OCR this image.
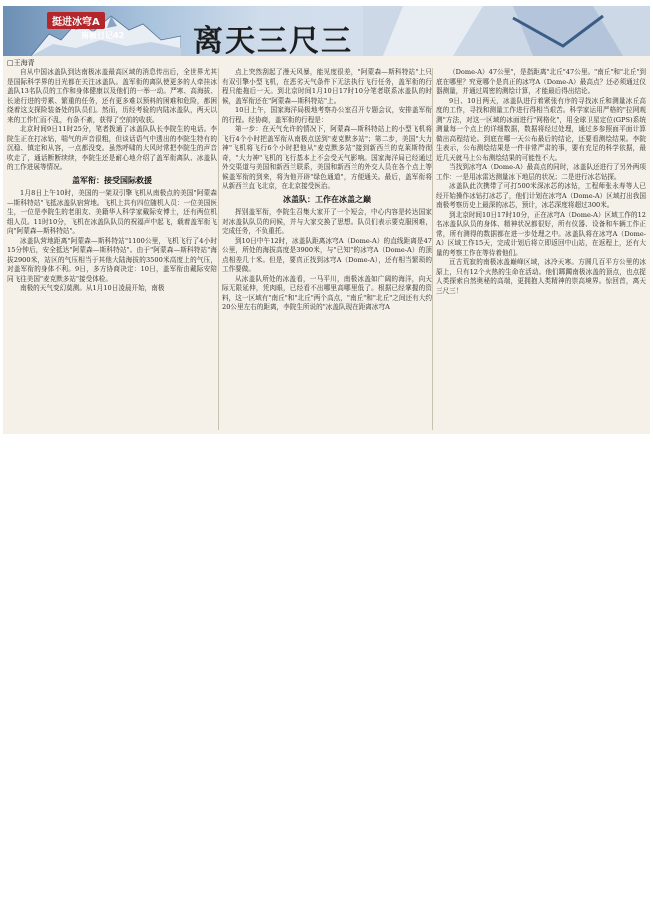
挺进冰穹A
南极日记42 离天三尺三
□王海青

自从中国冰盖队到达南极冰盖最高区域的消息传出后，全世界尤其是国际科学界的目光都在关注冰盖队。盖军衔的离队使更多的人牵挂冰盖队13名队员的工作和身体健康以及他们的一举一动。严寒、高海拔、长途行进的劳累、繁重的任务，还有更多难以预料的困难和危险，都困绕着这支探险装备处的队员们。然而，历经考验的内陆冰盖队，两天以来的工作忙而不乱，有条不紊，获得了空前的收获。

北京时间9日11时25分，笔者拨通了冰盖队队长李院生的电话。李院生正在打冰钻，喘气的声音很粗，但谈话语气中透出的李院生特有的沉稳、镇定和从容，一点都没变。虽然呼啸的大风时常把李院生的声音吹走了，通话断断续续，李院生还是耐心地介绍了盖军衔离队、冰盖队的工作进展等情况。

盖军衔：接受国际救援

1月8日上午10时，美国的一架双引擎飞机从南极点的美国"阿蒙森—斯科特站"飞抵冰盖队宿营地。飞机上共有四位随机人员：一位美国医生，一位是李院生的老朋友、美籍华人科学家戴际安博士，还有两位机组人员。11时10分，飞机在冰盖队队员的祝福声中起飞，载着盖军衔飞向"阿蒙森—斯科特站"。

冰盖队营地距离"阿蒙森—斯科特站"1100公里，飞机飞行了4小时15分钟后，安全抵达"阿蒙森—斯科特站"。由于"阿蒙森—斯科特站"海拔2900米，站区的气压相当于其他大陆海拔的3500米高度上的气压，对盖军衔的身体不利。9日，多方协商决定：10日，盖军衔由戴际安陪同飞往美国"麦克默多站"接受体检。

南极的天气变幻莫测。从1月10日凌晨开始，南极

点上突然刮起了漫天风暴，能见度很差，"阿蒙森—斯科特站"上只有双引擎小型飞机，在恶劣天气条件下无法执行飞行任务，盖军衔的行程只能拖后一天。到北京时间1月10日17时10分笔者联系冰盖队的时候，盖军衔还在"阿蒙森—斯科特站"上。

10日上午，国家海洋局极地考察办公室召开专题会议，安排盖军衔的行程。经协商，盖军衔的行程是：

第一步：在天气允许的情况下，阿蒙森—斯科特站上的小型飞机将飞行4个小时把盖军衔从南极点送到"麦克默多站"；第二步，美国"大力神"飞机将飞行6个小时把他从"麦克默多站"接到新西兰的克莱斯特彻奇，"大力神"飞机的飞行基本上不会受天气影响。国家海洋局已经通过外交渠道与美国和新西兰联系，美国和新西兰的外交人员在各个点上等候盖军衔的到来，将为他开辟"绿色通道"，方便通关。最后，盖军衔将从新西兰直飞北京，在北京接受医治。

冰盖队：工作在冰盖之巅

挥别盖军衔，李院生召集大家开了一个短会，中心内容是转达国家对冰盖队队员的问候，并与大家交换了思想。队员们表示要克服困难，完成任务，不负重托。

到10日中午12时，冰盖队距离冰穹A（Dome-A）的直线距离是47公里，所处的海拔高度是3900米，与"已知"的冰穹A（Dome-A）的顶点相差几十米。但是，要真正找到冰穹A（Dome-A），还有相当繁琐的工作要做。

从冰盖队所处的冰盖看，一马平川，南极冰盖如广阔的海洋，向天际无限延伸，凭肉眼，已经看不出哪里高哪里低了。根据已经掌握的资料，这一区域有"南丘"和"北丘"两个高点，"南丘"和"北丘"之间还有大约20公里左右的距离，李院生所说的"冰盖队现在距离冰穹A

（Dome-A）47公里"，是指距离"北丘"47公里。"南丘"和"北丘"到底在哪里？究竟哪个是真正的冰穹A（Dome-A）最高点？还必须通过仪器测量，并通过周密的测绘计算，才能最后得出结论。

9日、10日两天，冰盖队进行着紧张有序的寻找冰丘和测量冰丘高度的工作，寻找和测量工作进行得相当艰苦。科学家运用严格的"拉网观测"方法，对这一区域的冰面进行"网格化"，用全球卫星定位(GPS)系统测量每一个点上的详细数据，数据将经过处理，通过多参照面平面计算做出高程结论。到底在哪一天公布最后的结论，还要看测绘结果。李院生表示，公布测绘结果是一件非常严肃的事，要有充足的科学依据，最近几天就马上公布测绘结果的可能性不大。

当找到冰穹A（Dome-A）最高点的同时，冰盖队还进行了另外两项工作：一是用冰雷达测量冰下地层的状况；二是进行冰芯钻探。

冰盖队此次携带了可打500米深冰芯的冰钻，工程师张永寿等人已经开始操作冰钻打冰芯了，他们计划在冰穹A（Dome-A）区域打出我国南极考察历史上最深的冰芯，预计，冰芯深度将超过300米。

到北京时间10日17时10分，正在冰穹A（Dome-A）区域工作的12名冰盖队队员的身体、精神状况都很好，所有仪器、设备和车辆工作正常，所有测得的数据都在进一步处理之中。冰盖队将在冰穹A（Dome-A）区域工作15天，完成计划后将立即返回中山站，在返程上，还有大量的考察工作在等待着他们。

亘古荒寂的南极冰盖巅峰区域，冰冷天寒。方圆几百平方公里的冰原上，只有12个火热的生命在活动。他们踯躅南极冰盖的顶点，也点捉人类探索自然奥秘的高端，更拥抱人类精神的崇高境界。惊回首，离天三尺三！
